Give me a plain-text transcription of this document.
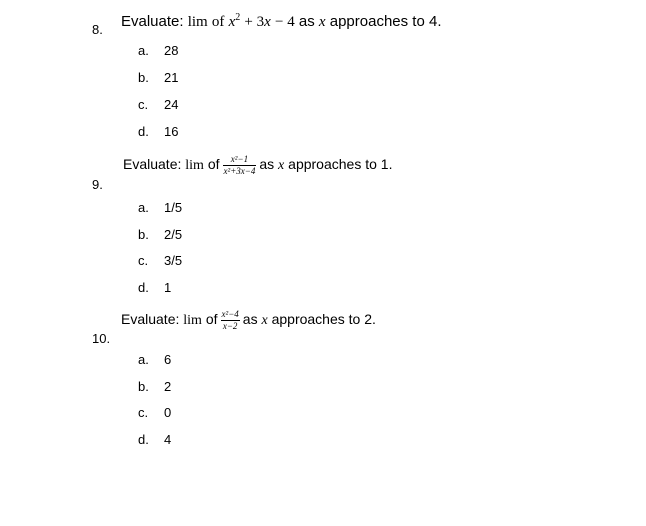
8. Evaluate: lim of $x^2 + 3x - 4$ as x approaches to 4.
a. 28
b. 21
c. 24
d. 16
9.
Evaluate: lim of $\frac{\text{x²−1}}{\text{x²+3x−4}}$ as x approaches to 1.
a. 1/5
b. 2/5
c. 3/5
d. 1
10.
Evaluate: lim of $\frac{\text{x²−4}}{x-2}$ as x approaches to 2.
a. 6
b. 2
c. 0
d. 4
